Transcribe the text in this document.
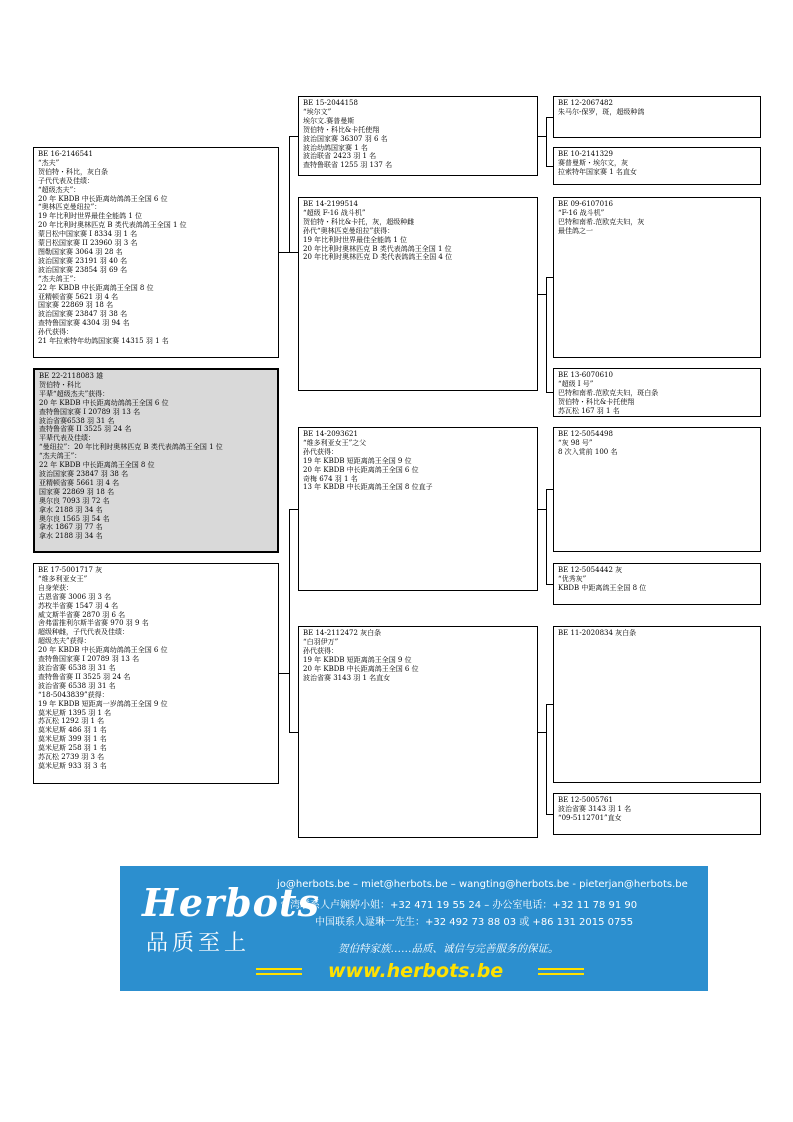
BE 16-2146541
“杰夫”
贺伯特・科比，灰白条
子代代表及佳绩：
“超级杰夫”：
20 年 KBDB 中长距离幼鸽鸽王全国 6 位
“奥林匹克曼纽拉”：
19 年比利时世界最佳全能鸽 1 位
20 年比利时奥林匹克 B 类代表鸽鸽王全国 1 位
蒙吕松中国家赛 I 8334 羽 1 名
蒙吕松国家赛 II 23960 羽 3 名
图勒国家赛 3064 羽 28 名
波治国家赛 23191 羽 40 名
波治国家赛 23854 羽 69 名
“杰夫鸽王”：
22 年 KBDB 中长距离鸽王全国 8 位
亚精顿省赛 5621 羽 4 名
国家赛 22869 羽 18 名
波治国家赛 23847 羽 38 名
查特鲁国家赛 4304 羽 94 名
孙代获得：
21 年拉索特年幼鸽国家赛 14315 羽 1 名
BE 22-2118083 雄
贺伯特・科比
平辈“超级杰夫”获得：
20 年 KBDB 中长距离幼鸽鸽王全国 6 位
查特鲁国家赛 I 20789 羽 13 名
波治省赛6538 羽 31 名
查特鲁省赛 II 3525 羽 24 名
平辈代表及佳绩：
“曼纽拉”：20 年比利时奥林匹克 B 类代表鸽鸽王全国 1 位
“杰夫鸽王”：
22 年 KBDB 中长距离鸽王全国 8 位
波治国家赛 23847 羽 38 名
亚精顿省赛 5661 羽 4 名
国家赛 22869 羽 18 名
奥尔良 7093 羽 72 名
拿水 2188 羽 34 名
奥尔良 1565 羽 54 名
拿水 1867 羽 77 名
拿水 2188 羽 34 名
BE 17-5001717 灰
“维多利亚女王”
自身荣获：
古恩省赛 3006 羽 3 名
苏枚半省赛 1547 羽 4 名
威文斯半省赛 2870 羽 6 名
舍弗雷推利尔斯半省赛 970 羽 9 名
超级种雌，子代代表及佳绩：
超级杰夫”获得：
20 年 KBDB 中长距离幼鸽鸽王全国 6 位
查特鲁国家赛 I 20789 羽 13 名
波治省赛 6538 羽 31 名
查特鲁省赛 II 3525 羽 24 名
波治省赛 6538 羽 31 名
“18-5043839”获得：
19 年 KBDB 短距离一岁鸽鸽王全国 9 位
莫米尼斯 1395 羽 1 名
苏瓦松 1292 羽 1 名
莫米尼斯 486 羽 1 名
莫米尼斯 399 羽 1 名
莫米尼斯 258 羽 1 名
苏瓦松 2739 羽 3 名
莫米尼斯 933 羽 3 名
BE 15-2044158
“埃尔文”
埃尔文.赛普曼斯
贺伯特・科比&卡托使翔
波治国家赛 36307 羽 6 名
波治幼鸽国家赛 1 名
波治联省 2423 羽 1 名
查特鲁联省 1255 羽 137 名
BE 14-2199514
“超级 F-16 战斗机”
贺伯特・科比&卡托，灰，超级种雌
孙代“奥林匹克曼纽拉”获得：
19 年比利时世界最佳全能鸽 1 位
20 年比利时奥林匹克 B 类代表鸽鸽王全国 1 位
20 年比利时奥林匹克 D 类代表鸽鸽王全国 4 位
BE 14-2093621
“维多利亚女王”之父
孙代获得：
19 年 KBDB 短距离鸽王全国 9 位
20 年 KBDB 中长距离鸽王全国 6 位
奇梅 674 羽 1 名
13 年 KBDB 中长距离鸽王全国 8 位直子
BE 14-2112472 灰白条
“白羽伊万”
孙代获得：
19 年 KBDB 短距离鸽王全国 9 位
20 年 KBDB 中长距离鸽王全国 6 位
波治省赛 3143 羽 1 名直女
BE 12-2067482
朱马尔-保罗，斑，超级种鸽
BE 10-2141329
赛普曼斯・埃尔文，灰
拉索特年国家赛 1 名直女
BE 09-6107016
“F-16 战斗机”
巴特和南希.范欧克夫妇，灰
最佳鸽之一
BE 13-6070610
“超级 I 号”
巴特和南希.范欧克夫妇，斑白条
贺伯特・科比&卡托使翔
苏瓦松 167 羽 1 名
BE 12-5054498
“灰 98 号”
8 次入赏前 100 名
BE 12-5054442 灰
“优秀灰”
KBDB 中距离鸽王全国 8 位
BE 11-2020834 灰白条
BE 12-5005761
波治省赛 3143 羽 1 名
“09-5112701”直女
Herbots
品质至上
jo@herbots.be – miet@herbots.be – wangting@herbots.be - pieterjan@herbots.be
台湾联系人卢娴婷小姐：+32 471 19 55 24 – 办公室电话：+32 11 78 91 90
中国联系人逯琳一先生：+32 492 73 88 03 或 +86 131 2015 0755
贺伯特家族……品质、诚信与完善服务的保证。
www.herbots.be
